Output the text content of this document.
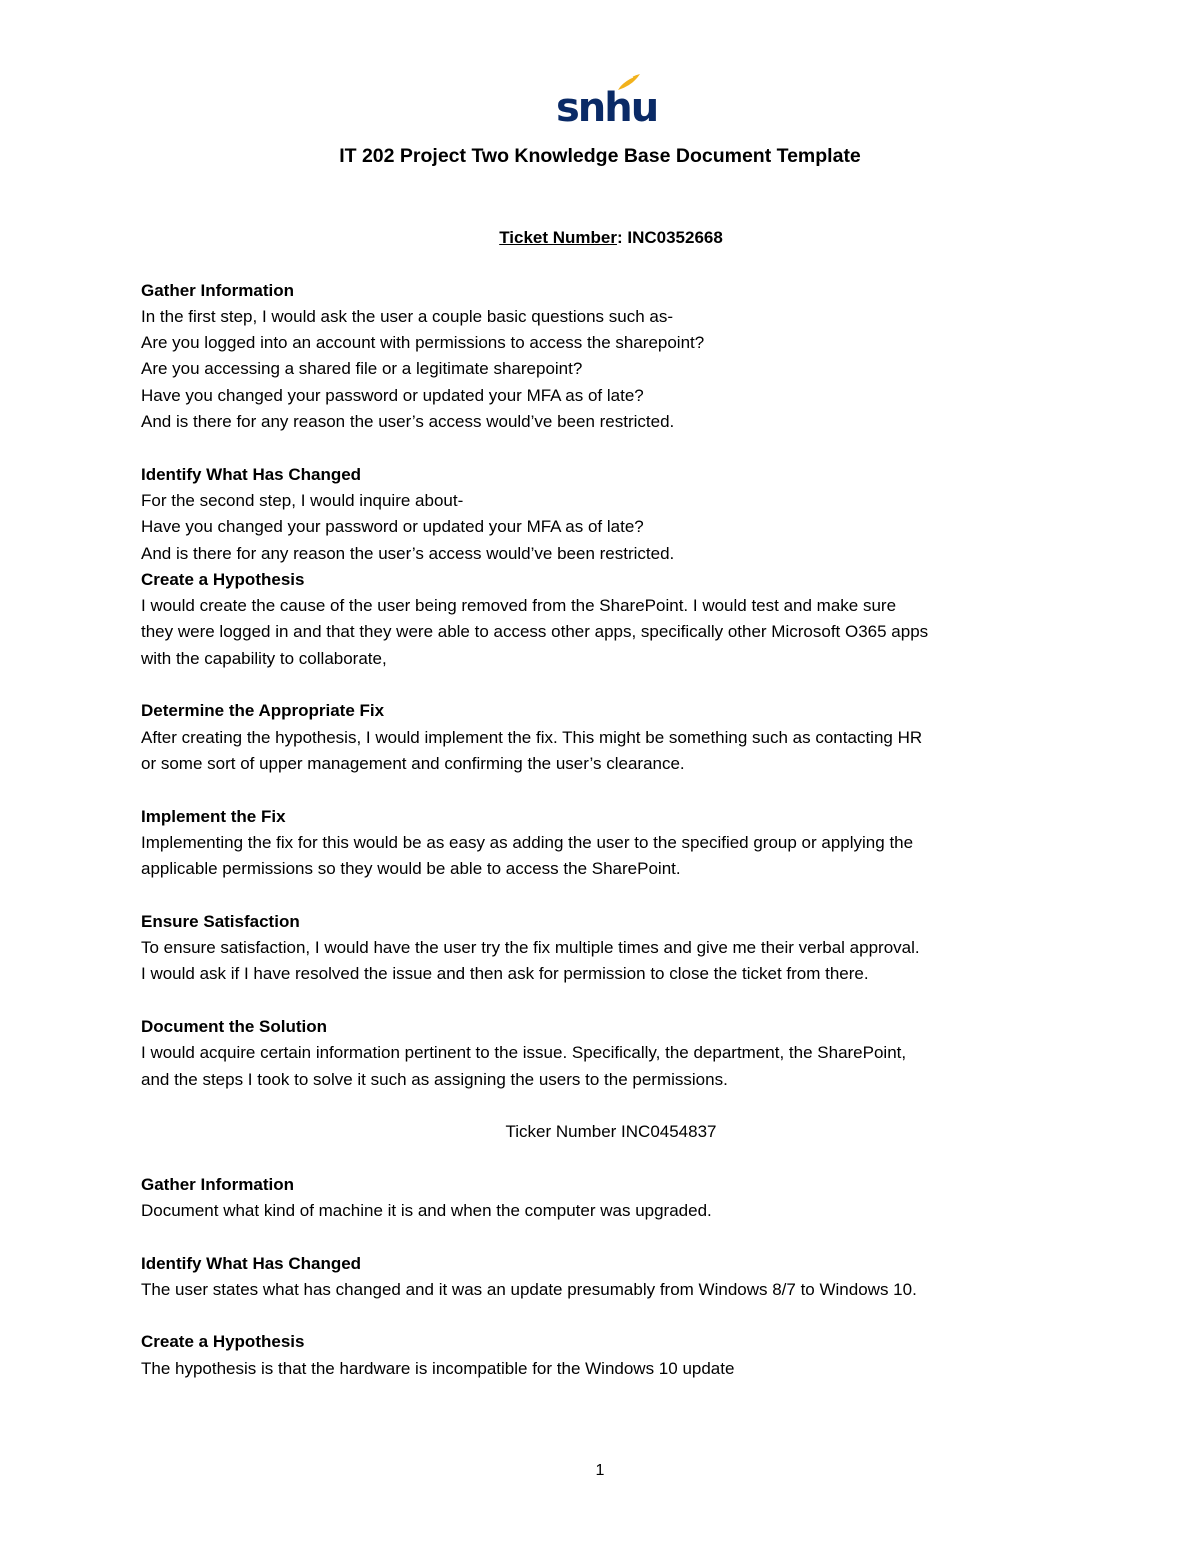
snhu
IT 202 Project Two Knowledge Base Document Template

Ticket Number: INC0352668

Gather Information

In the first step, I would ask the user a couple basic questions such as-

Are you logged into an account with permissions to access the sharepoint?

Are you accessing a shared file or a legitimate sharepoint?

Have you changed your password or updated your MFA as of late?

And is there for any reason the user’s access would’ve been restricted.

Identify What Has Changed

For the second step, I would inquire about-

Have you changed your password or updated your MFA as of late?

And is there for any reason the user’s access would’ve been restricted.

Create a Hypothesis

I would create the cause of the user being removed from the SharePoint. I would test and make sure

they were logged in and that they were able to access other apps, specifically other Microsoft O365 apps

with the capability to collaborate,

Determine the Appropriate Fix

After creating the hypothesis, I would implement the fix. This might be something such as contacting HR

or some sort of upper management and confirming the user’s clearance.

Implement the Fix

Implementing the fix for this would be as easy as adding the user to the specified group or applying the

applicable permissions so they would be able to access the SharePoint.

Ensure Satisfaction

To ensure satisfaction, I would have the user try the fix multiple times and give me their verbal approval.

I would ask if I have resolved the issue and then ask for permission to close the ticket from there.

Document the Solution

I would acquire certain information pertinent to the issue. Specifically, the department, the SharePoint,

and the steps I took to solve it such as assigning the users to the permissions.

Ticker Number INC0454837

Gather Information

Document what kind of machine it is and when the computer was upgraded.

Identify What Has Changed

The user states what has changed and it was an update presumably from Windows 8/7 to Windows 10.

Create a Hypothesis

The hypothesis is that the hardware is incompatible for the Windows 10 update

1
